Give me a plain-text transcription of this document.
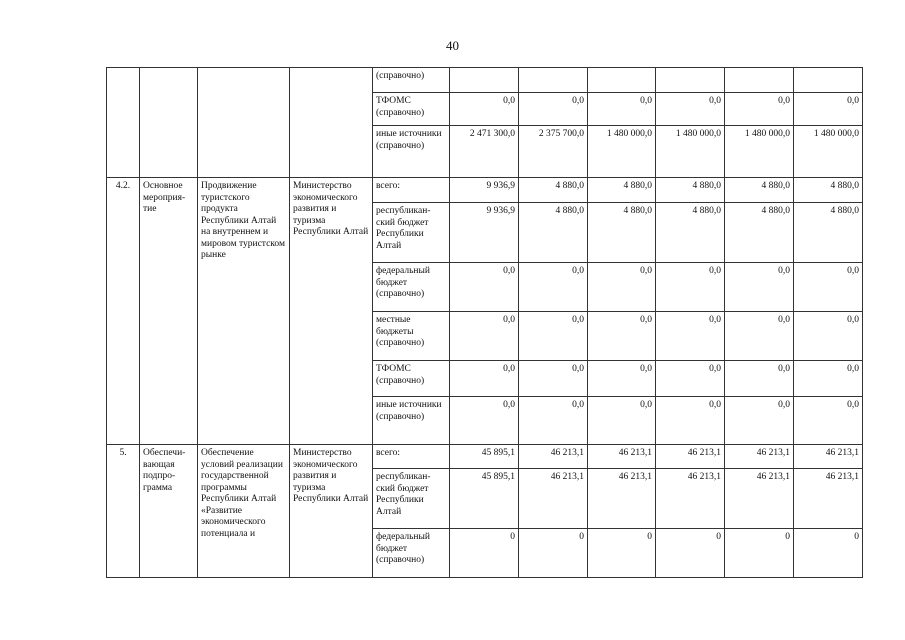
40
				(справочно)						
				ТФОМС (справочно)	0,0	0,0	0,0	0,0	0,0	0,0
				иные источники (справочно)	2 471 300,0	2 375 700,0	1 480 000,0	1 480 000,0	1 480 000,0	1 480 000,0
4.2.	Основное мероприя-тие	Продвижение туристского продукта Республики Алтай на внутреннем и мировом туристском рынке	Министерство экономического развития и туризма Республики Алтай	всего:	9 936,9	4 880,0	4 880,0	4 880,0	4 880,0	4 880,0
				республикан-ский бюджет Республики Алтай	9 936,9	4 880,0	4 880,0	4 880,0	4 880,0	4 880,0
				федеральный бюджет (справочно)	0,0	0,0	0,0	0,0	0,0	0,0
				местные бюджеты (справочно)	0,0	0,0	0,0	0,0	0,0	0,0
				ТФОМС (справочно)	0,0	0,0	0,0	0,0	0,0	0,0
				иные источники (справочно)	0,0	0,0	0,0	0,0	0,0	0,0
5.	Обеспечи-вающая подпро-грамма	Обеспечение условий реализации государственной программы Республики Алтай «Развитие экономического потенциала и	Министерство экономического развития и туризма Республики Алтай	всего:	45 895,1	46 213,1	46 213,1	46 213,1	46 213,1	46 213,1
				республикан-ский бюджет Республики Алтай	45 895,1	46 213,1	46 213,1	46 213,1	46 213,1	46 213,1
				федеральный бюджет (справочно)	0	0	0	0	0	0
